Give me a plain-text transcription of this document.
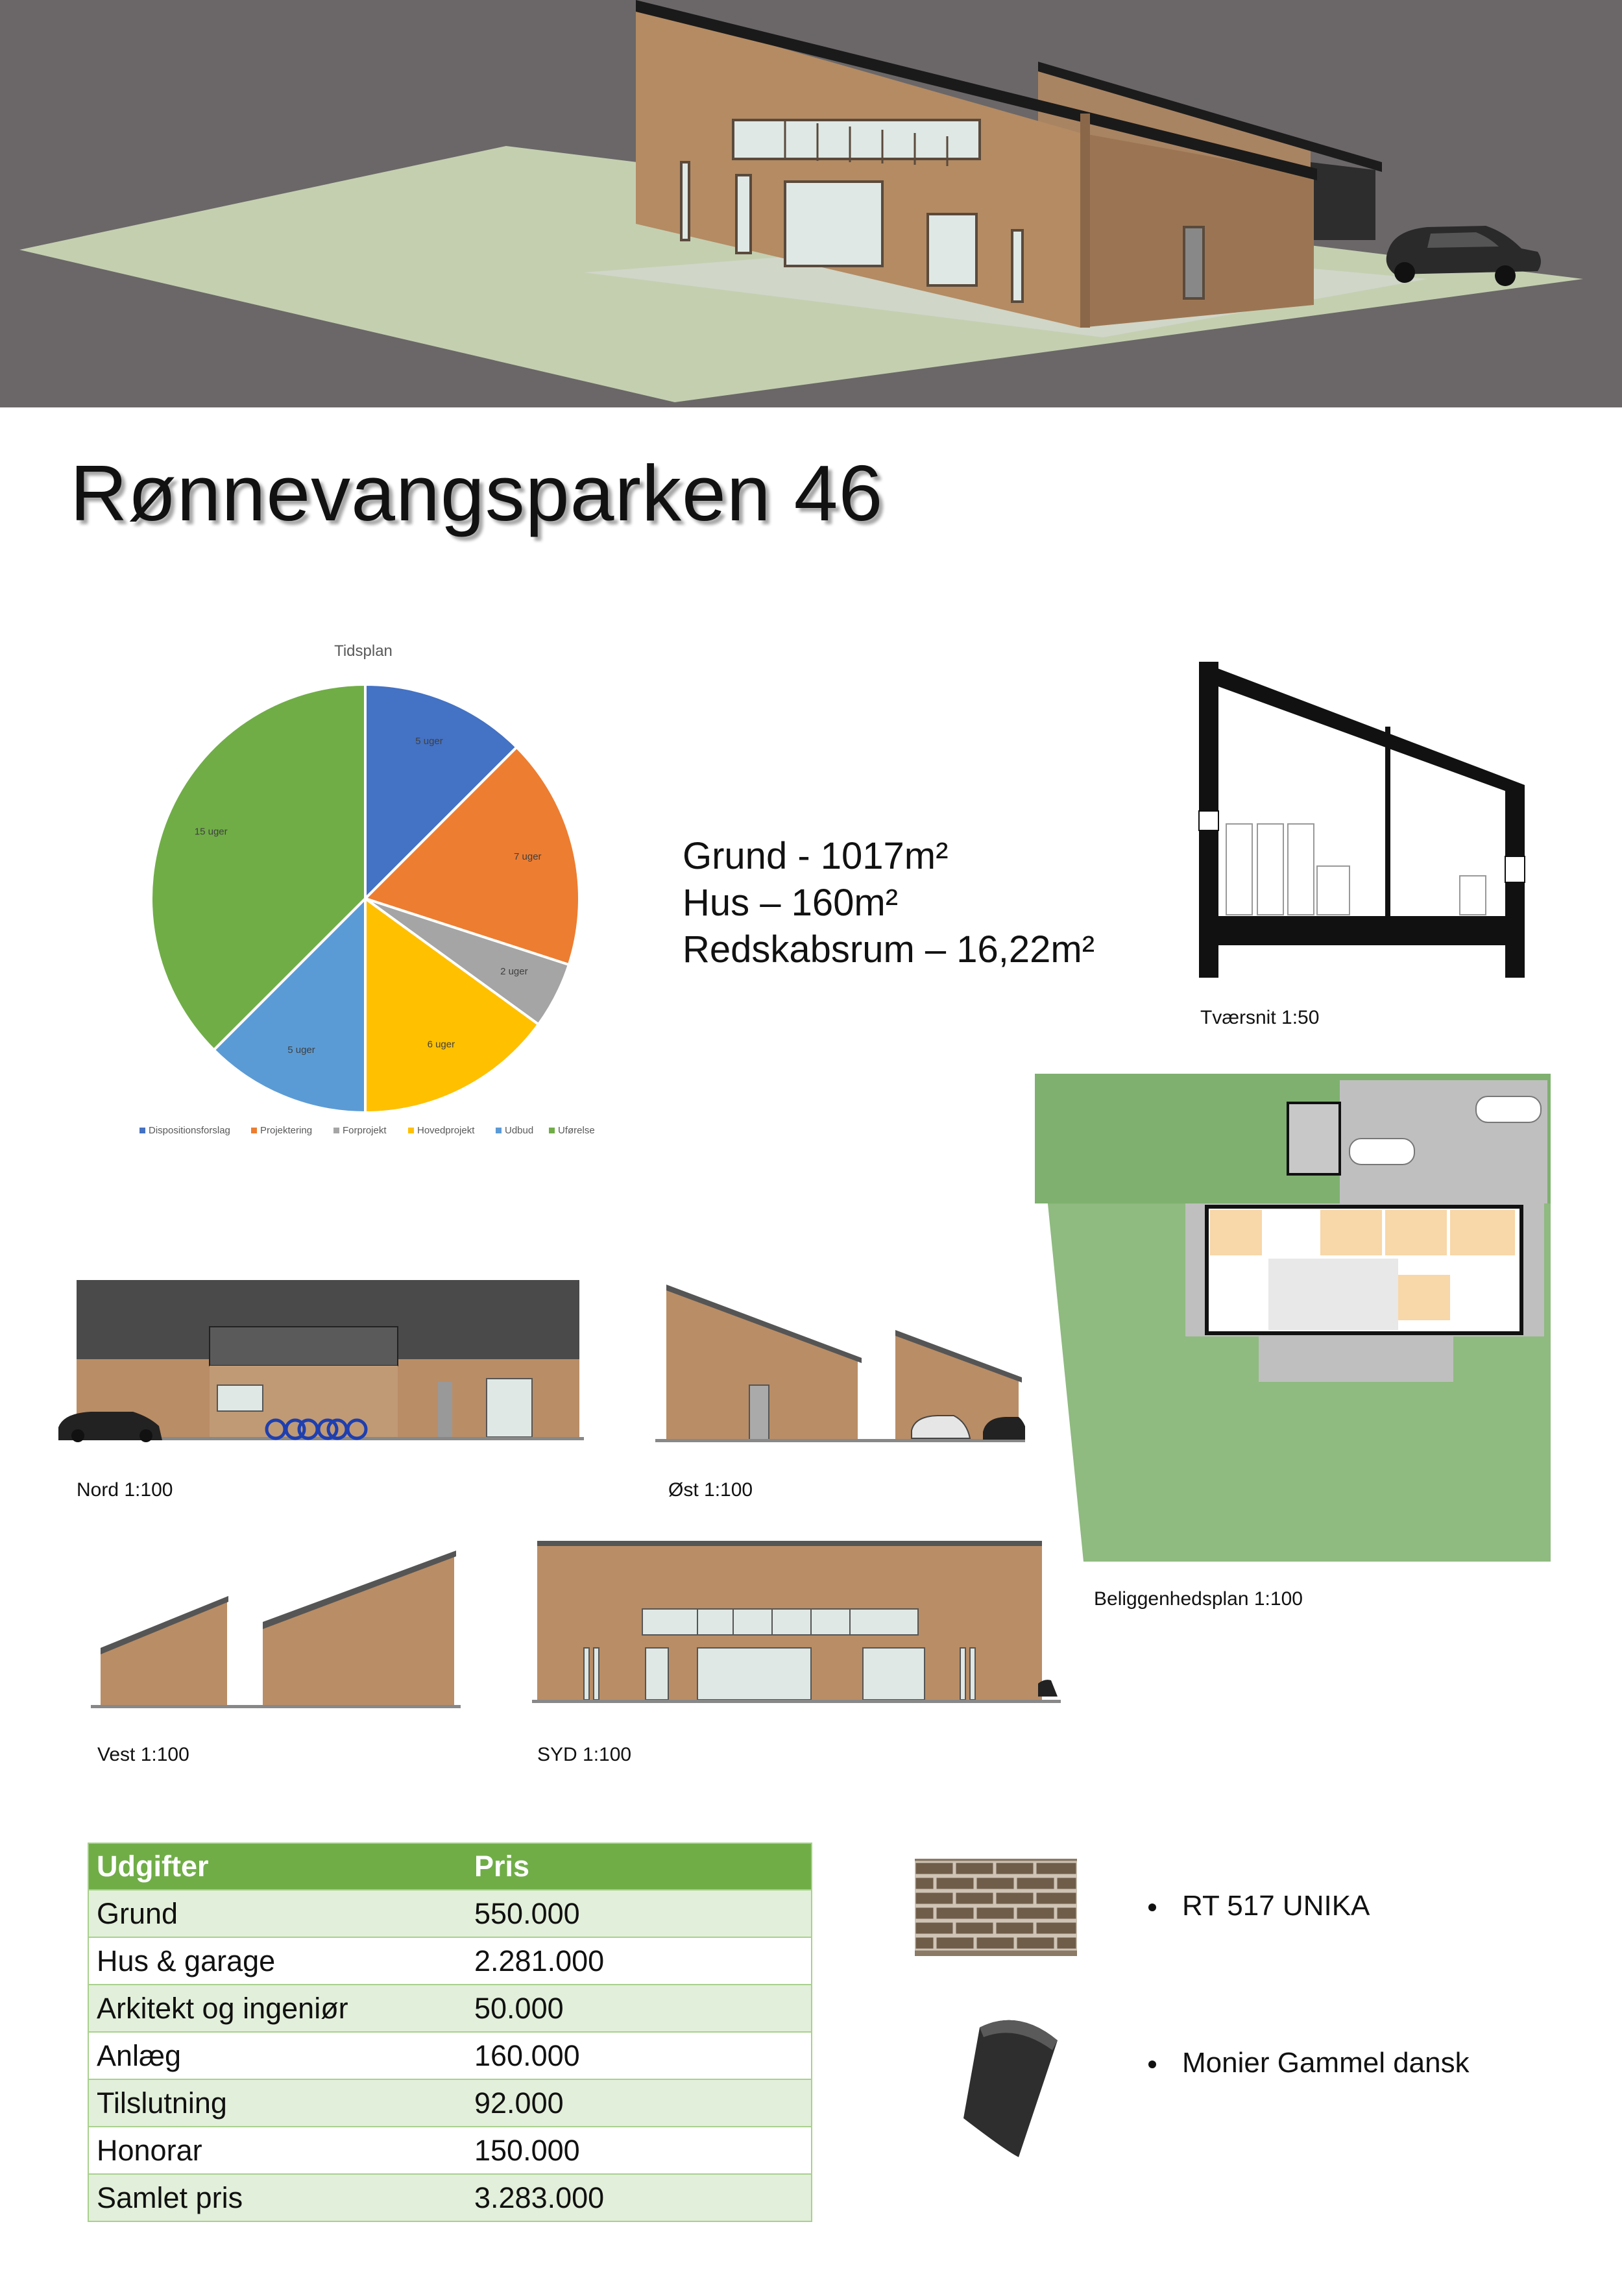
Rønnevangsparken 46
Tidsplan
5 uger
7 uger
2 uger
6 uger
5 uger
15 uger
Dispositionsforslag	Projektering	Forprojekt	Hovedprojekt	Udbud	Uførelse
Grund - 1017m²
Hus – 160m²
Redskabsrum – 16,22m²
Tværsnit 1:50
Beliggenhedsplan 1:100
Nord 1:100	Øst 1:100
Vest 1:100	SYD 1:100
Udgifter	Pris
Grund	550.000
Hus & garage	2.281.000
Arkitekt og ingeniør	50.000
Anlæg	160.000
Tilslutning	92.000
Honorar	150.000
Samlet pris	3.283.000
RT 517 UNIKA
Monier Gammel dansk
